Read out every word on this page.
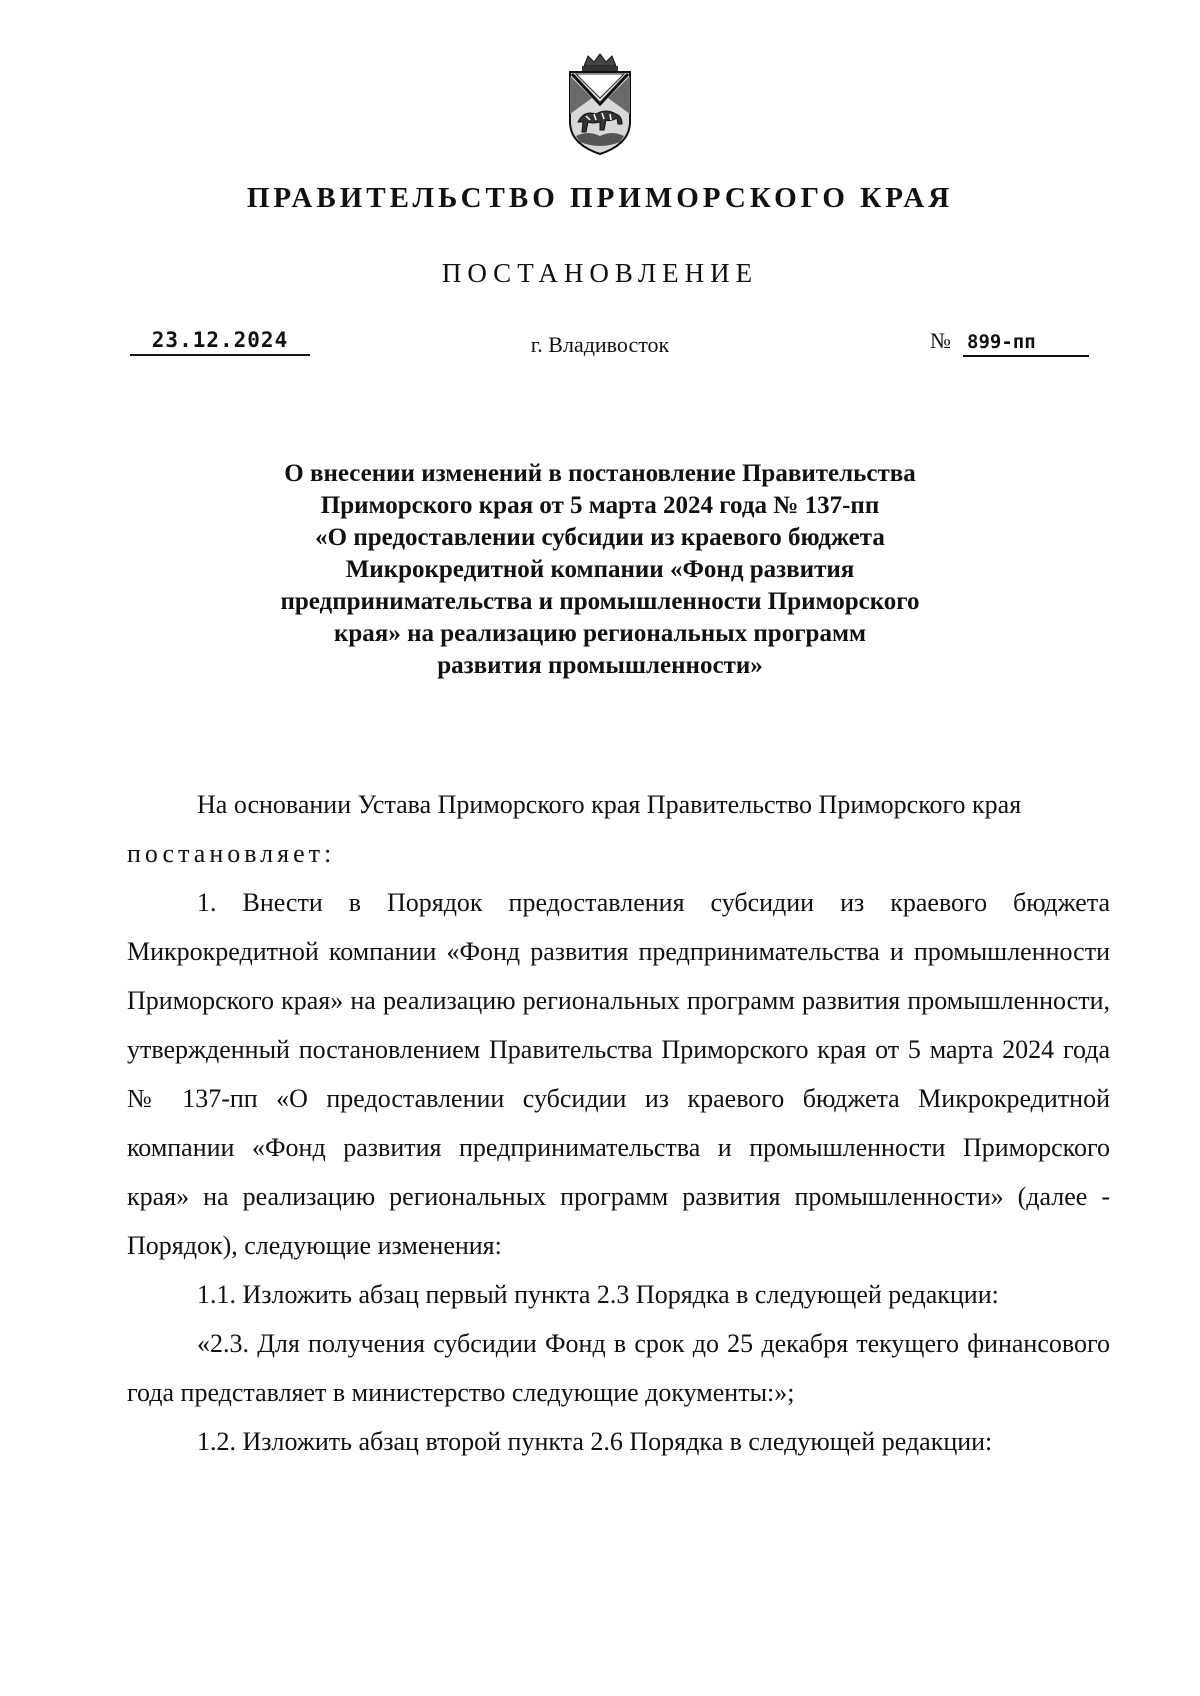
ПРАВИТЕЛЬСТВО ПРИМОРСКОГО КРАЯ
ПОСТАНОВЛЕНИЕ
23.12.2024	г. Владивосток	№ 899-пп
О внесении изменений в постановление Правительства
Приморского края от 5 марта 2024 года № 137-пп
«О предоставлении субсидии из краевого бюджета
Микрокредитной компании «Фонд развития
предпринимательства и промышленности Приморского
края» на реализацию региональных программ
развития промышленности»

На основании Устава Приморского края Правительство Приморского края

постановляет:

1. Внести в Порядок предоставления субсидии из краевого бюджета Микрокредитной компании «Фонд развития предпринимательства и промышленности Приморского края» на реализацию региональных программ развития промышленности, утвержденный постановлением Правительства Приморского края от 5 марта 2024 года № 137-пп «О предоставлении субсидии из краевого бюджета Микрокредитной компании «Фонд развития предпринимательства и промышленности Приморского края» на реализацию региональных программ развития промышленности» (далее - Порядок), следующие изменения:

1.1. Изложить абзац первый пункта 2.3 Порядка в следующей редакции:

«2.3. Для получения субсидии Фонд в срок до 25 декабря текущего финансового года представляет в министерство следующие документы:»;

1.2. Изложить абзац второй пункта 2.6 Порядка в следующей редакции:
